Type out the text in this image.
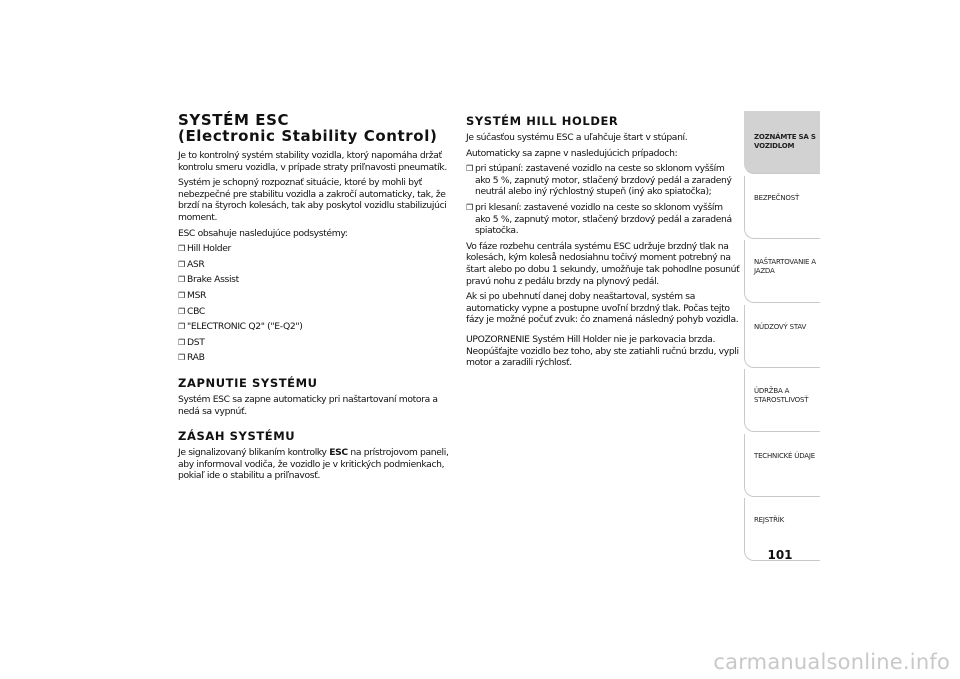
SYSTÉM ESC
(Electronic Stability Control)

Je to kontrolný systém stability vozidla, ktorý napomáha držať kontrolu smeru vozidla, v prípade straty priľnavosti pneumatík.

Systém je schopný rozpoznať situácie, ktoré by mohli byť nebezpečné pre stabilitu vozidla a zakročí automaticky, tak, že brzdí na štyroch kolesách, tak aby poskytol vozidlu stabilizujúci moment.

ESC obsahuje nasledujúce podsystémy:

❒ Hill Holder
❒ ASR
❒ Brake Assist
❒ MSR
❒ CBC
❒ "ELECTRONIC Q2" ("E-Q2")
❒ DST
❒ RAB
ZAPNUTIE SYSTÉMU

Systém ESC sa zapne automaticky pri naštartovaní motora a nedá sa vypnúť.

ZÁSAH SYSTÉMU

Je signalizovaný blikaním kontrolky ESC na prístrojovom paneli, aby informoval vodiča, že vozidlo je v kritických podmienkach, pokiaľ ide o stabilitu a priľnavosť.

SYSTÉM HILL HOLDER

Je súčasťou systému ESC a uľahčuje štart v stúpaní.

Automaticky sa zapne v nasledujúcich prípadoch:

❒ pri stúpaní: zastavené vozidlo na ceste so sklonom vyšším ako 5 %, zapnutý motor, stlačený brzdový pedál a zaradený neutrál alebo iný rýchlostný stupeň (iný ako spiatočka);
❒ pri klesaní: zastavené vozidlo na ceste so sklonom vyšším ako 5 %, zapnutý motor, stlačený brzdový pedál a zaradená spiatočka.

Vo fáze rozbehu centrála systému ESC udržuje brzdný tlak na kolesách, kým koleså nedosiahnu točivý moment potrebný na štart alebo po dobu 1 sekundy, umožňuje tak pohodlne posunúť pravú nohu z pedálu brzdy na plynový pedál.

Ak si po ubehnutí danej doby neaštartoval, systém sa automaticky vypne a postupne uvoľní brzdný tlak. Počas tejto fázy je možné počuť zvuk: čo znamená následný pohyb vozidla.

UPOZORNENIE Systém Hill Holder nie je parkovacia brzda. Neopúšťajte vozidlo bez toho, aby ste zatiahli ručnú brzdu, vypli motor a zaradili rýchlosť.

ZOZNÁMTE SA S VOZIDLOM
BEZPEČNOSŤ
NAŠTARTOVANIE A JAZDA
NÚDZOVÝ STAV
ÚDRŽBA A STAROSTLIVOSŤ
TECHNICKÉ ÚDAJE
REJSTŘÍK
101
carmanualsonline.info
